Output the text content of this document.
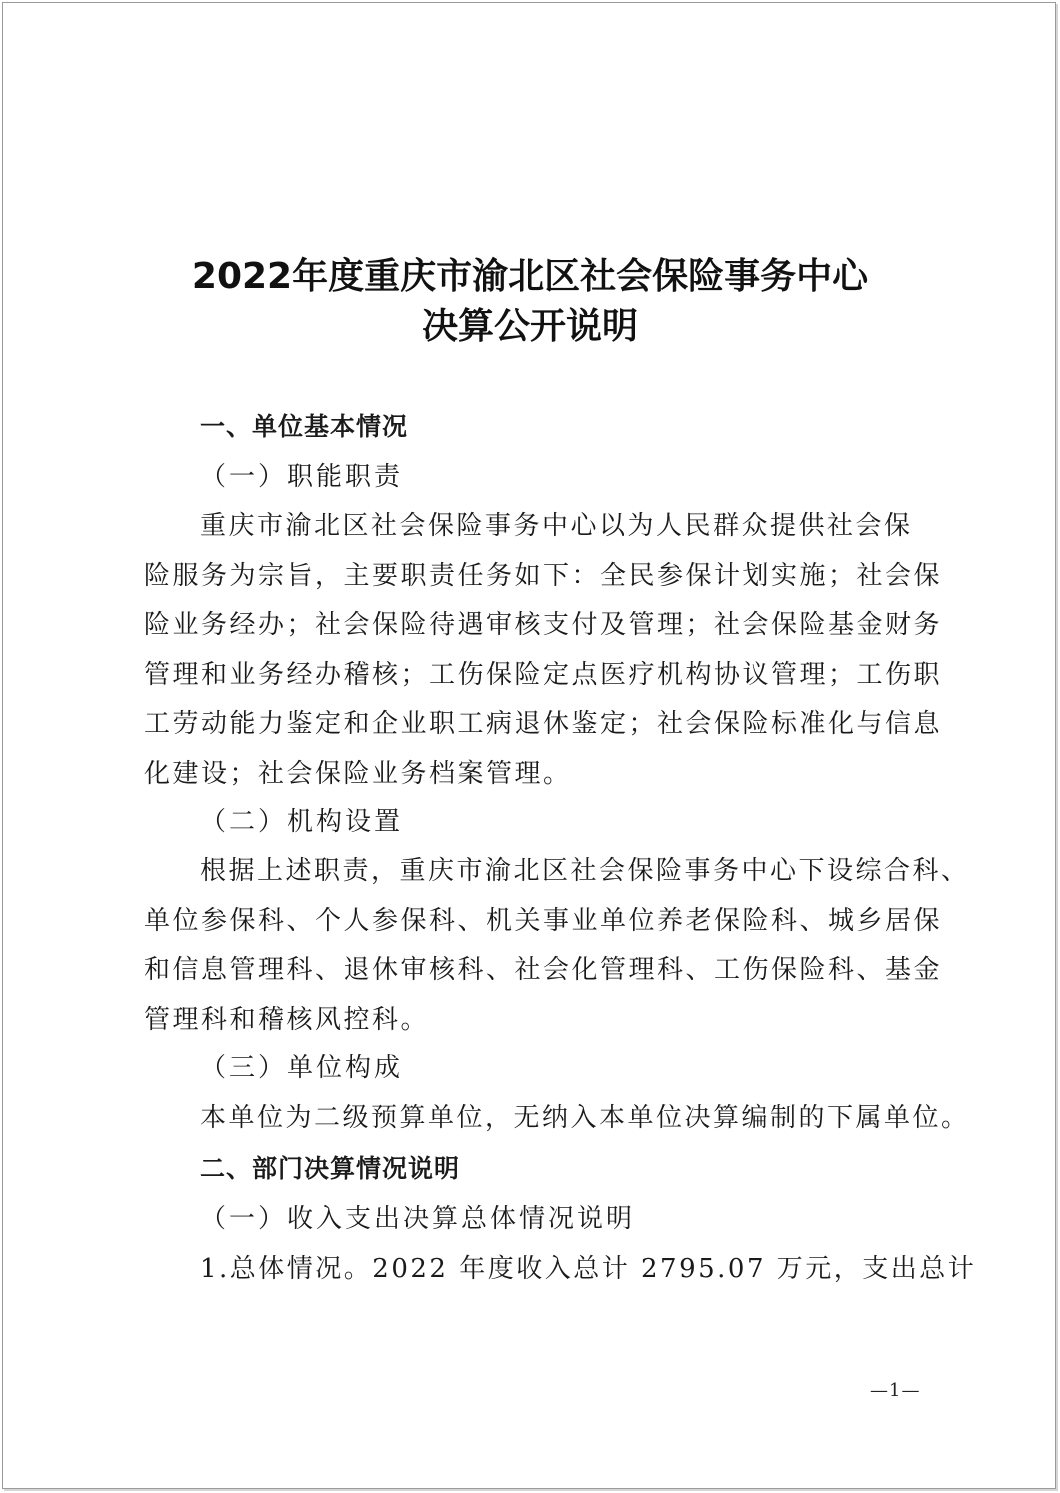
2022年度重庆市渝北区社会保险事务中心
决算公开说明
一、单位基本情况
（一）职能职责
重庆市渝北区社会保险事务中心以为人民群众提供社会保
险服务为宗旨，主要职责任务如下：全民参保计划实施；社会保
险业务经办；社会保险待遇审核支付及管理；社会保险基金财务
管理和业务经办稽核；工伤保险定点医疗机构协议管理；工伤职
工劳动能力鉴定和企业职工病退休鉴定；社会保险标准化与信息
化建设；社会保险业务档案管理。
（二）机构设置
根据上述职责，重庆市渝北区社会保险事务中心下设综合科、
单位参保科、个人参保科、机关事业单位养老保险科、城乡居保
和信息管理科、退休审核科、社会化管理科、工伤保险科、基金
管理科和稽核风控科。
（三）单位构成
本单位为二级预算单位，无纳入本单位决算编制的下属单位。
二、部门决算情况说明
（一）收入支出决算总体情况说明
1.总体情况。2022 年度收入总计 2795.07 万元，支出总计
—1—
